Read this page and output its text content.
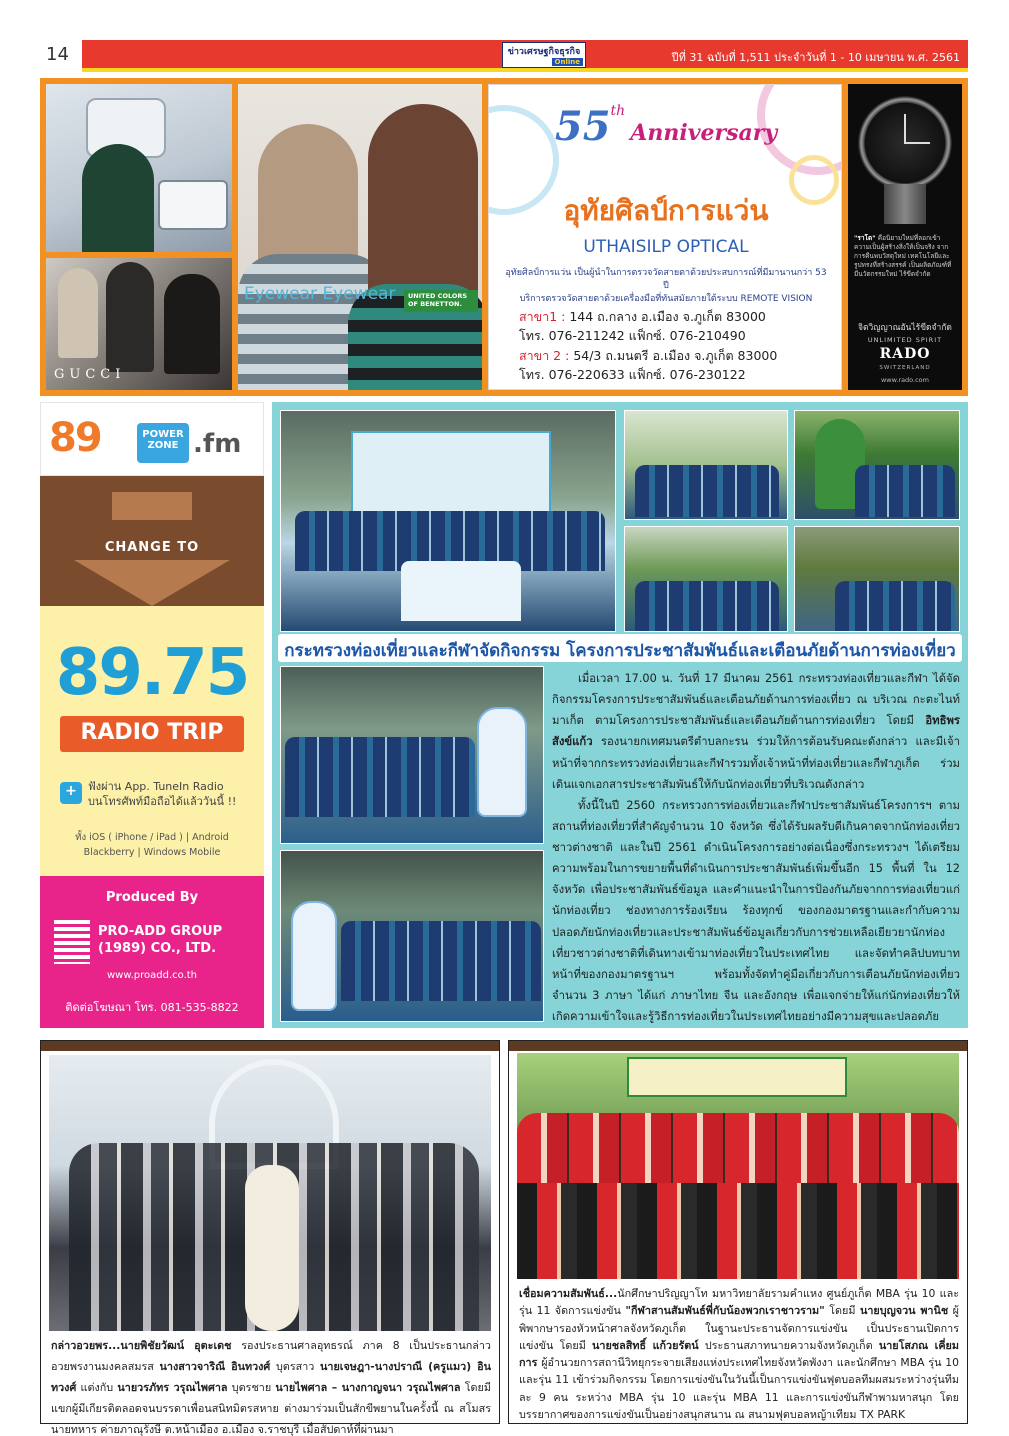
14	ข่าวเศรษฐกิจธุรกิจ
Online	ปีที่ 31 ฉบับที่ 1,511 ประจำวันที่ 1 - 10 เมษายน พ.ศ. 2561
GUCCI
Eyewear Eyewear	UNITED COLORS OF BENETTON.
55th Anniversary
อุทัยศิลป์การแว่น
UTHAISILP OPTICAL
อุทัยศิลป์การแว่น เป็นผู้นำในการตรวจวัดสายตาด้วยประสบการณ์ที่มีมานานกว่า 53 ปี
บริการตรวจวัดสายตาด้วยเครื่องมือที่ทันสมัยภายใต้ระบบ REMOTE VISION
สาขา1 : 144 ถ.กลาง อ.เมือง จ.ภูเก็ต 83000
โทร. 076-211242 แฟ็กซ์. 076-210490
สาขา 2 : 54/3 ถ.มนตรี อ.เมือง จ.ภูเก็ต 83000
โทร. 076-220633 แฟ็กซ์. 076-230122
"ราโด" คือนิยามใหม่ที่ลอกเข้าความเป็นผู้สร้างสิ่งให้เป็นจริง จากการคืนพบวัสดุใหม่ เทคโนโลยีและรูปทรงที่สร้างสรรค์ เป็นผลิตภัณฑ์ที่มีนวัตกรรมใหม่ ไร้ขีดจำกัด
จิตวิญญาณอันไร้ขีดจำกัด
UNLIMITED SPIRIT
RADO
SWITZERLAND
www.rado.com
89	POWER ZONE .fm
CHANGE TO
89.75
RADIO TRIP
+	ฟังผ่าน App. TuneIn Radio
บนโทรศัพท์มือถือได้แล้ววันนี้ !!
ทั้ง iOS ( iPhone / iPad ) | Android
Blackberry | Windows Mobile
Produced By
PRO-ADD GROUP
(1989) CO., LTD.
www.proadd.co.th
ติดต่อโฆษณา โทร. 081-535-8822
กระทรวงท่องเที่ยวและกีฬาจัดกิจกรรม โครงการประชาสัมพันธ์และเตือนภัยด้านการท่องเที่ยว

เมื่อเวลา 17.00 น. วันที่ 17 มีนาคม 2561 กระทรวงท่องเที่ยวและกีฬา ได้จัดกิจกรรมโครงการประชาสัมพันธ์และเตือนภัยด้านการท่องเที่ยว ณ บริเวณ กะตะไนท์มาเก็ต ตามโครงการประชาสัมพันธ์และเตือนภัยด้านการท่องเที่ยว โดยมี อิทธิพร สังข์แก้ว รองนายกเทศมนตรีตำบลกะรน ร่วมให้การต้อนรับคณะดังกล่าว และมีเจ้าหน้าที่จากกระทรวงท่องเที่ยวและกีฬารวมทั้งเจ้าหน้าที่ท่องเที่ยวและกีฬาภูเก็ต ร่วมเดินแจกเอกสารประชาสัมพันธ์ให้กับนักท่องเที่ยวที่บริเวณดังกล่าว

ทั้งนี้ในปี 2560 กระทรวงการท่องเที่ยวและกีฬาประชาสัมพันธ์โครงการฯ ตามสถานที่ท่องเที่ยวที่สำคัญจำนวน 10 จังหวัด ซึ่งได้รับผลรับดีเกินคาดจากนักท่องเที่ยวชาวต่างชาติ และในปี 2561 ดำเนินโครงการอย่างต่อเนื่องซึ่งกระทรวงฯ ได้เตรียมความพร้อมในการขยายพื้นที่ดำเนินการประชาสัมพันธ์เพิ่มขึ้นอีก 15 พื้นที่ ใน 12 จังหวัด เพื่อประชาสัมพันธ์ข้อมูล และคำแนะนำในการป้องกันภัยจากการท่องเที่ยวแก่นักท่องเที่ยว ช่องทางการร้องเรียน ร้องทุกข์ ของกองมาตรฐานและกำกับความปลอดภัยนักท่องเที่ยวและประชาสัมพันธ์ข้อมูลเกี่ยวกับการช่วยเหลือเยียวยานักท่องเที่ยวชาวต่างชาติที่เดินทางเข้ามาท่องเที่ยวในประเทศไทย และจัดทำคลิปบทบาทหน้าที่ของกองมาตรฐานฯ พร้อมทั้งจัดทำคู่มือเกี่ยวกับการเตือนภัยนักท่องเที่ยว จำนวน 3 ภาษา ได้แก่ ภาษาไทย จีน และอังกฤษ เพื่อแจกจ่ายให้แก่นักท่องเที่ยวให้เกิดความเข้าใจและรู้วิธีการท่องเที่ยวในประเทศไทยอย่างมีความสุขและปลอดภัย

กล่าวอวยพร...นายพิชัยวัฒน์ อุตะเดช รองประธานศาลอุทธรณ์ ภาค 8 เป็นประธานกล่าวอวยพรงานมงคลสมรส นางสาวจาริณี อินทวงศ์ บุตรสาว นายเจษฎา-นางปราณี (ครูแมว) อินทวงศ์ แต่งกับ นายวรภัทร วรุณไพศาล บุตรชาย นายไพศาล – นางกาญจนา วรุณไพศาล โดยมี แขกผู้มีเกียรติตลอดจนบรรดาเพื่อนสนิทมิตรสหาย ต่างมาร่วมเป็นสักขีพยานในครั้งนี้ ณ สโมสรนายทหาร ค่ายภาณุรังษี ต.หน้าเมือง อ.เมือง จ.ราชบุรี เมื่อสัปดาห์ที่ผ่านมา
เชื่อมความสัมพันธ์...นักศึกษาปริญญาโท มหาวิทยาลัยรามคำแหง ศูนย์ภูเก็ต MBA รุ่น 10 และรุ่น 11 จัดการแข่งขัน "กีฬาสานสัมพันธ์พี่กับน้องพวกเราชาวราม" โดยมี นายบุญจวน พานิช ผู้พิพากษารองหัวหน้าศาลจังหวัดภูเก็ต ในฐานะประธานจัดการแข่งขัน เป็นประธานเปิดการแข่งขัน โดยมี นายชลสิทธิ์ แก้วยรัตน์ ประธานสภาทนายความจังหวัดภูเก็ต นายโสภณ เคี่ยมการ ผู้อำนวยการสถานีวิทยุกระจายเสียงแห่งประเทศไทยจังหวัดพังงา และนักศึกษา MBA รุ่น 10 และรุ่น 11 เข้าร่วมกิจกรรม โดยการแข่งขันในวันนี้เป็นการแข่งขันฟุตบอลทีมผสมระหว่างรุ่นทีมละ 9 คน ระหว่าง MBA รุ่น 10 และรุ่น MBA 11 และการแข่งขันกีฬาพามหาสนุก โดยบรรยากาศของการแข่งขันเป็นอย่างสนุกสนาน ณ สนามฟุตบอลหญ้าเทียม TX PARK
